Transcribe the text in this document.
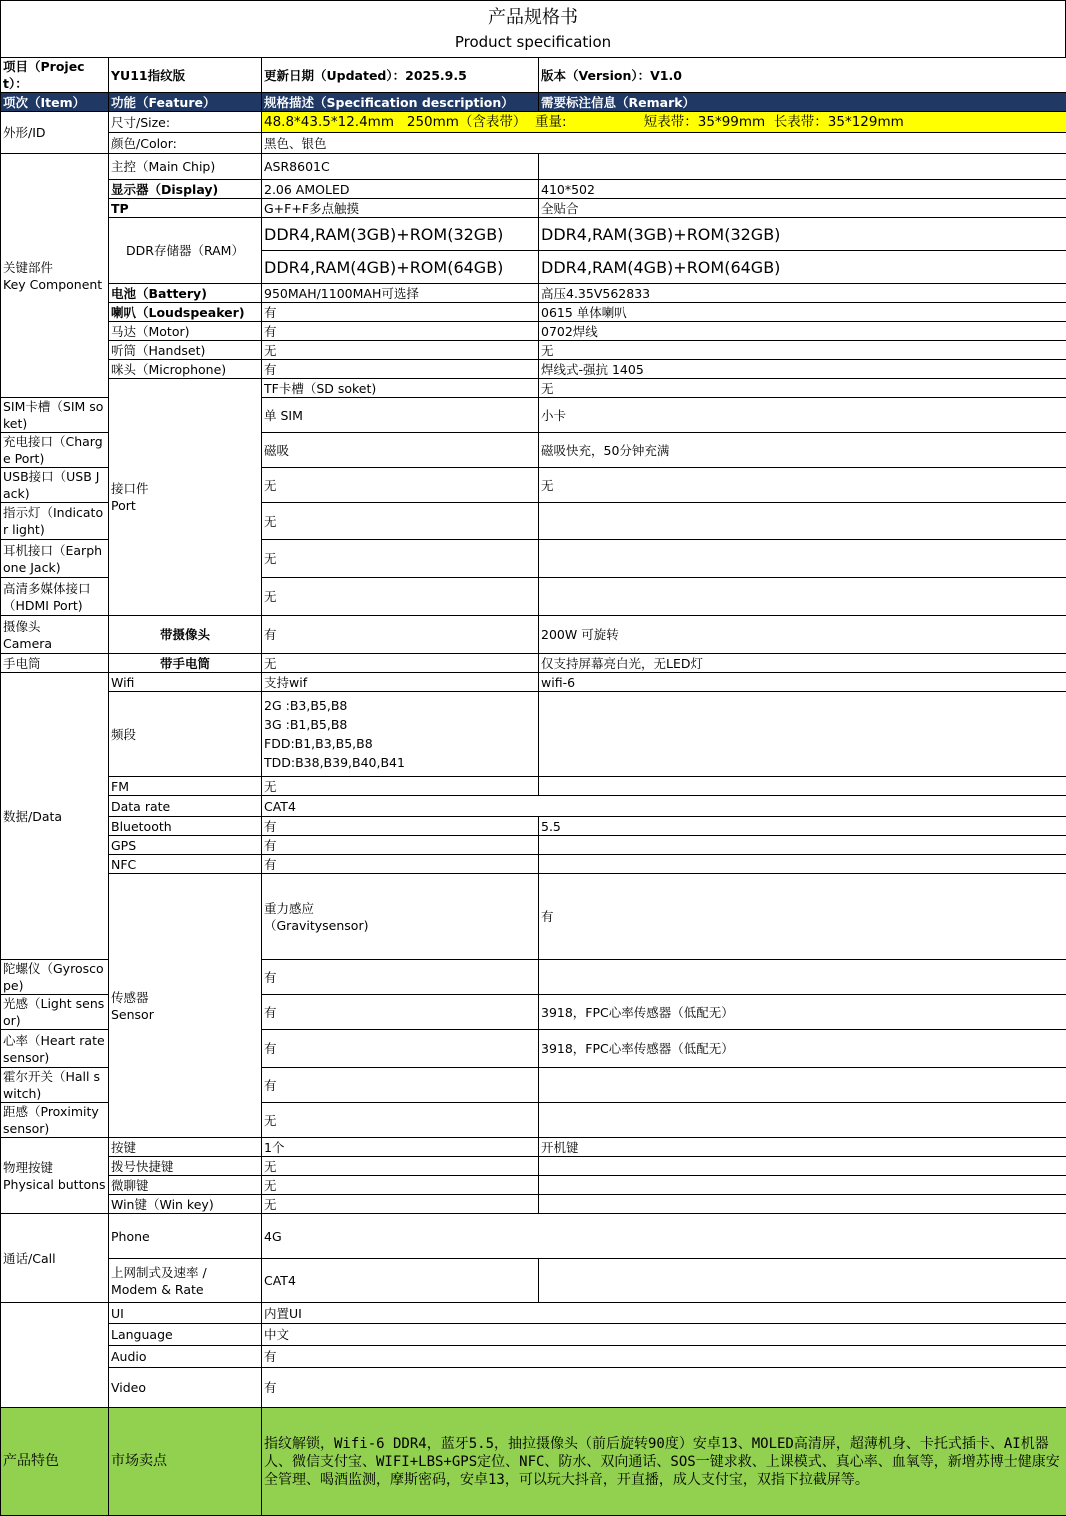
产品规格书
Product specification
项目（Project）：	YU11指纹版	更新日期（Updated）：2025.9.5	版本（Version）：V1.0	
项次（Item）	功能（Feature）	规格描述（Specification description）	需要标注信息（Remark）	
外形/ID	尺寸/Size:	48.8*43.5*12.4mm   250mm（含表带）  重量:                  短表带：35*99mm  长表带：35*129mm		
	颜色/Color:	黑色、银色		
关键部件
Key Component	主控（Main Chip)	ASR8601C		
	显示器（Display)	2.06 AMOLED	410*502	
	TP	G+F+F多点触摸	全贴合	
	DDR存储器（RAM）	DDR4,RAM(3GB)+ROM(32GB)	DDR4,RAM(3GB)+ROM(32GB)	
		DDR4,RAM(4GB)+ROM(64GB)	DDR4,RAM(4GB)+ROM(64GB)	
	电池（Battery)	950MAH/1100MAH可选择	高压4.35V562833	
	喇叭（Loudspeaker)	有	0615 单体喇叭	
	马达（Motor)	有	0702焊线	
	听筒（Handset)	无	无	
	咪头（Microphone)	有	焊线式-强抗 1405	
	接口件
Port	TF卡槽（SD soket)	无	
SIM卡槽（SIM soket)		单 SIM	小卡	
充电接口（Charge Port)		磁吸	磁吸快充，50分钟充满	
USB接口（USB Jack)		无	无	
指示灯（Indicator light)		无		
耳机接口（Earphone Jack)		无		
高清多媒体接口（HDMI Port)		无		
摄像头
Camera	带摄像头	有	200W 可旋转	
手电筒	带手电筒	无	仅支持屏幕亮白光，无LED灯	
数据/Data	Wifi	支持wif	wifi-6	
	频段	2G :B3,B5,B8
3G :B1,B5,B8
FDD:B1,B3,B5,B8
TDD:B38,B39,B40,B41		
	FM	无		
	Data rate	CAT4		
	Bluetooth	有	5.5	
	GPS	有		
	NFC	有		
	传感器
Sensor	重力感应
（Gravitysensor)	有	
陀螺仪（Gyroscope)		有		
光感（Light sensor)		有	3918，FPC心率传感器（低配无）	
心率（Heart rate sensor)		有	3918，FPC心率传感器（低配无）	
霍尔开关（Hall switch)		有		
距感（Proximity sensor)		无		
物理按键
Physical buttons	按键	1个	开机键	
	拨号快捷键	无		
	微聊键	无		
	Win键（Win key)	无		
通话/Call	Phone	4G		
	上网制式及速率 /
Modem & Rate	CAT4		
	UI	内置UI		
	Language	中文		
	Audio	有		
	Video	有		
产品特色	市场卖点	指纹解锁，Wifi-6 DDR4，蓝牙5.5，抽拉摄像头（前后旋转90度）安卓13、MOLED高清屏，超薄机身、卡托式插卡、AI机器人、微信支付宝、WIFI+LBS+GPS定位、NFC、防水、双向通话、SOS一键求救、上课模式、真心率、血氧等，新增苏博士健康安全管理、喝酒监测，摩斯密码，安卓13，可以玩大抖音，开直播，成人支付宝，双指下拉截屏等。		
